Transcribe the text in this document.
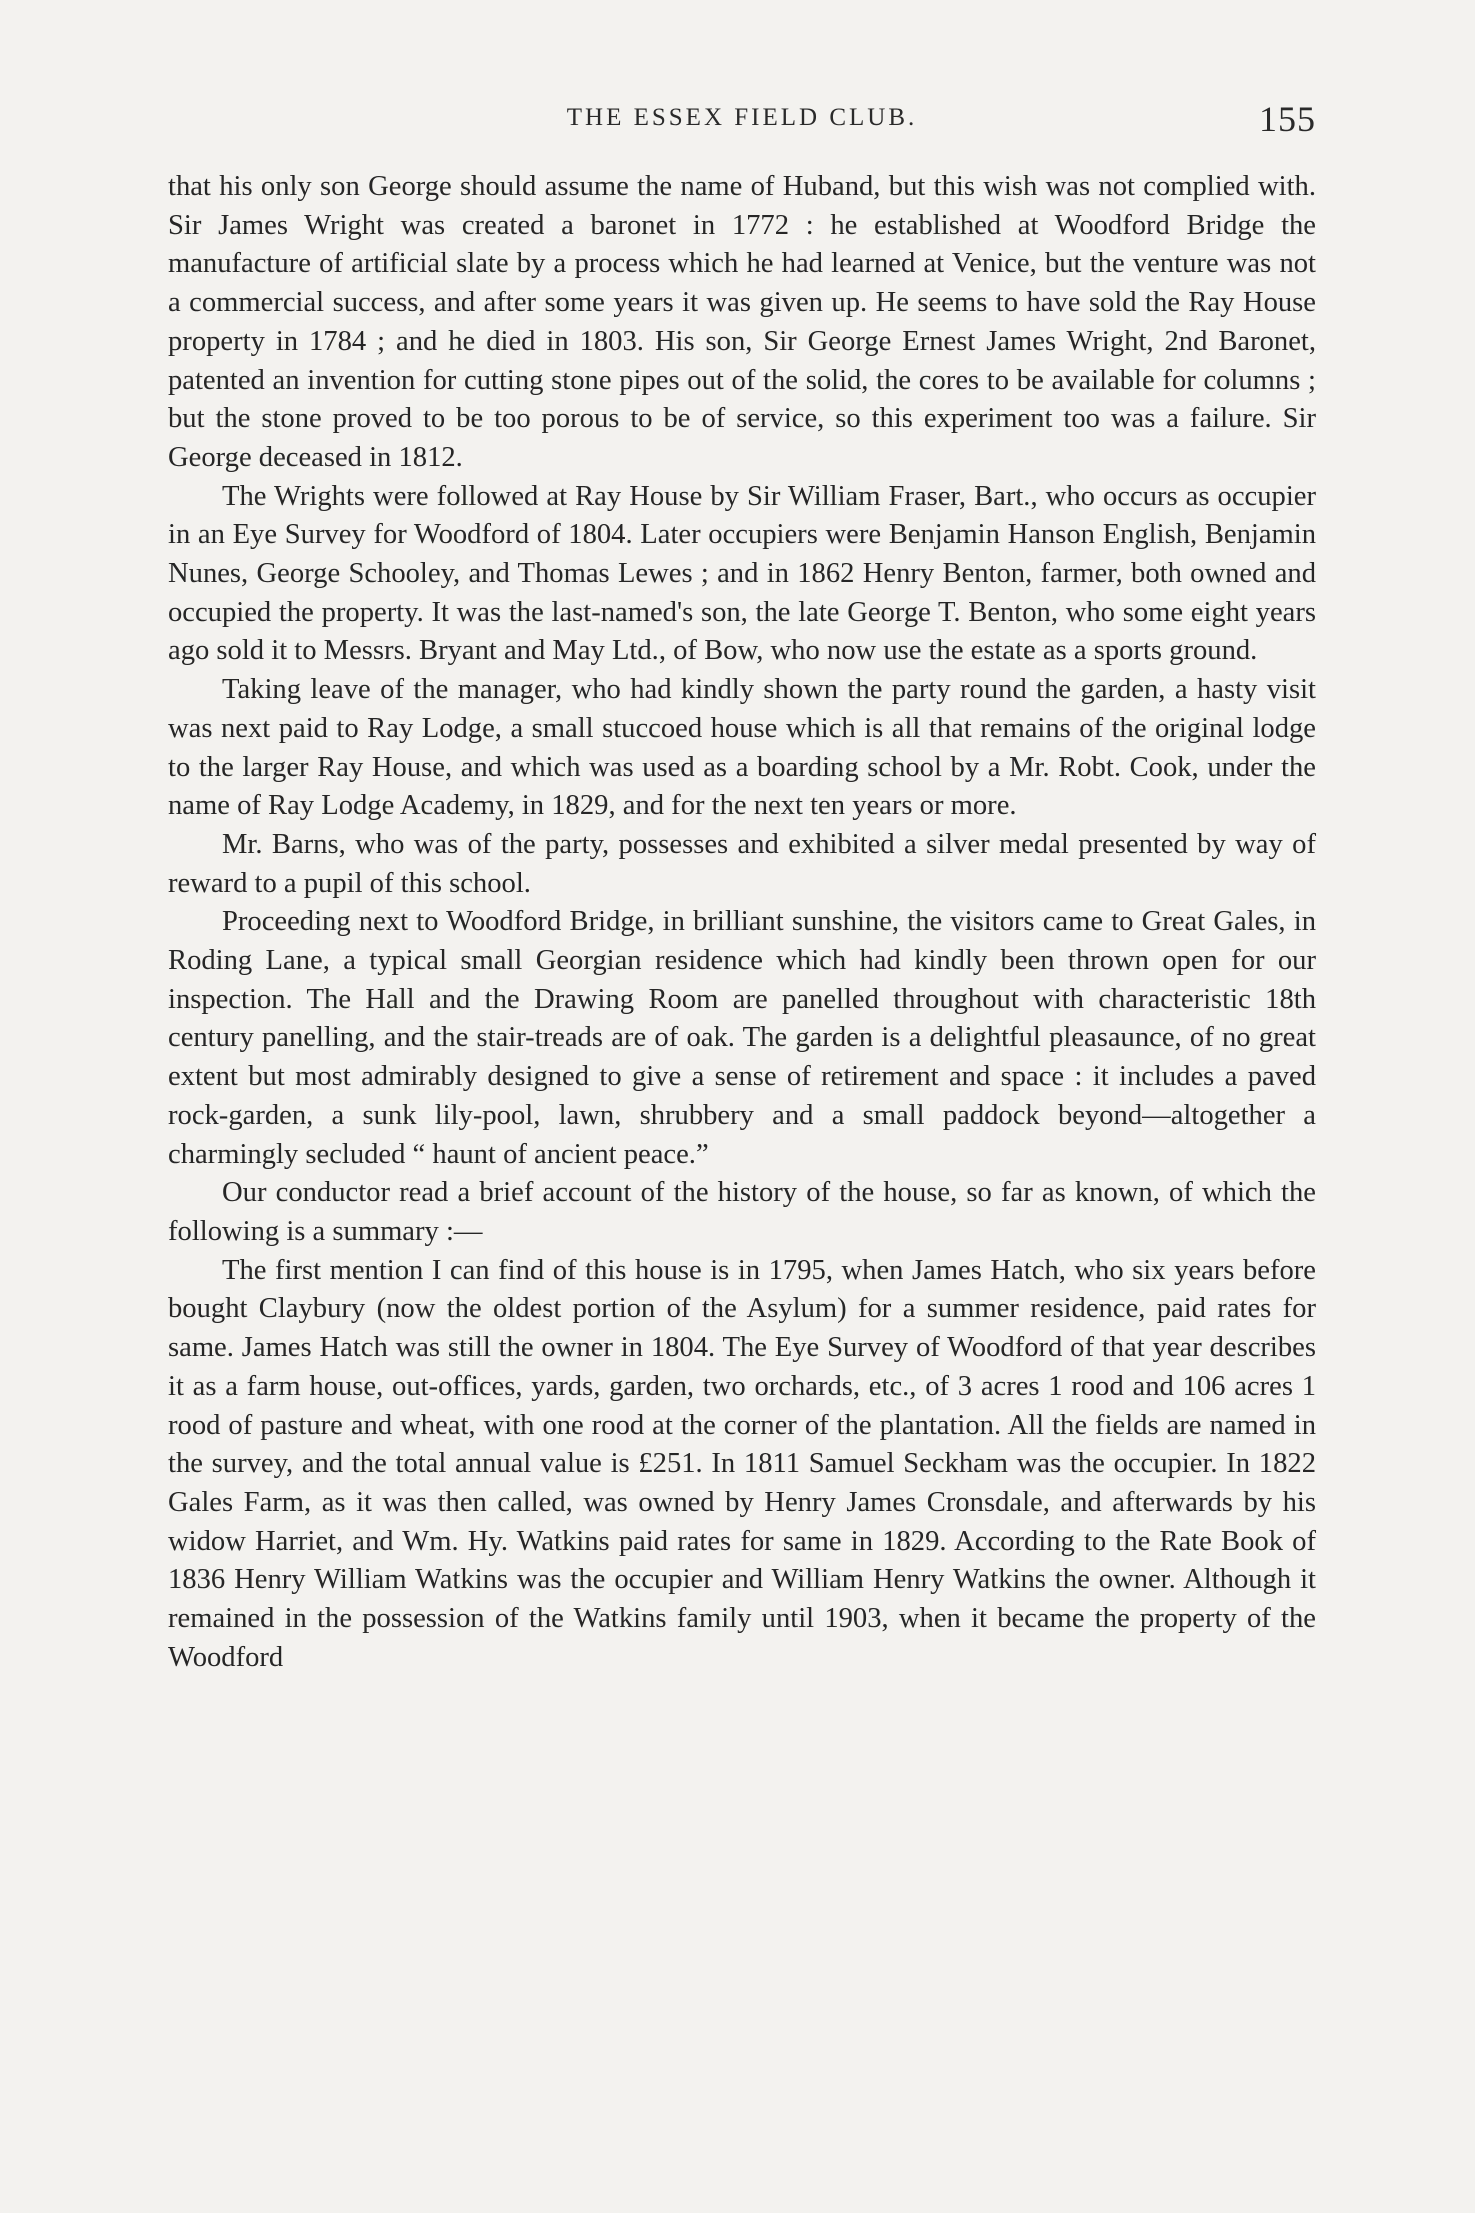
THE ESSEX FIELD CLUB.	155

that his only son George should assume the name of Huband, but this wish was not complied with. Sir James Wright was created a baronet in 1772 : he established at Woodford Bridge the manufacture of artificial slate by a process which he had learned at Venice, but the venture was not a commercial success, and after some years it was given up. He seems to have sold the Ray House property in 1784 ; and he died in 1803. His son, Sir George Ernest James Wright, 2nd Baronet, patented an invention for cutting stone pipes out of the solid, the cores to be available for columns ; but the stone proved to be too porous to be of service, so this experiment too was a failure. Sir George deceased in 1812.

The Wrights were followed at Ray House by Sir William Fraser, Bart., who occurs as occupier in an Eye Survey for Woodford of 1804. Later occupiers were Benjamin Hanson English, Benjamin Nunes, George Schooley, and Thomas Lewes ; and in 1862 Henry Benton, farmer, both owned and occupied the property. It was the last-named's son, the late George T. Benton, who some eight years ago sold it to Messrs. Bryant and May Ltd., of Bow, who now use the estate as a sports ground.

Taking leave of the manager, who had kindly shown the party round the garden, a hasty visit was next paid to Ray Lodge, a small stuccoed house which is all that remains of the original lodge to the larger Ray House, and which was used as a boarding school by a Mr. Robt. Cook, under the name of Ray Lodge Academy, in 1829, and for the next ten years or more.

Mr. Barns, who was of the party, possesses and exhibited a silver medal presented by way of reward to a pupil of this school.

Proceeding next to Woodford Bridge, in brilliant sunshine, the visitors came to Great Gales, in Roding Lane, a typical small Georgian residence which had kindly been thrown open for our inspection. The Hall and the Drawing Room are panelled throughout with characteristic 18th century panelling, and the stair-treads are of oak. The garden is a delightful pleasaunce, of no great extent but most admirably designed to give a sense of retirement and space : it includes a paved rock-garden, a sunk lily-pool, lawn, shrubbery and a small paddock beyond—altogether a charmingly secluded “ haunt of ancient peace.”

Our conductor read a brief account of the history of the house, so far as known, of which the following is a summary :—

The first mention I can find of this house is in 1795, when James Hatch, who six years before bought Claybury (now the oldest portion of the Asylum) for a summer residence, paid rates for same. James Hatch was still the owner in 1804. The Eye Survey of Woodford of that year describes it as a farm house, out-offices, yards, garden, two orchards, etc., of 3 acres 1 rood and 106 acres 1 rood of pasture and wheat, with one rood at the corner of the plantation. All the fields are named in the survey, and the total annual value is £251. In 1811 Samuel Seckham was the occupier. In 1822 Gales Farm, as it was then called, was owned by Henry James Cronsdale, and afterwards by his widow Harriet, and Wm. Hy. Watkins paid rates for same in 1829. According to the Rate Book of 1836 Henry William Watkins was the occupier and William Henry Watkins the owner. Although it remained in the possession of the Watkins family until 1903, when it became the property of the Woodford
